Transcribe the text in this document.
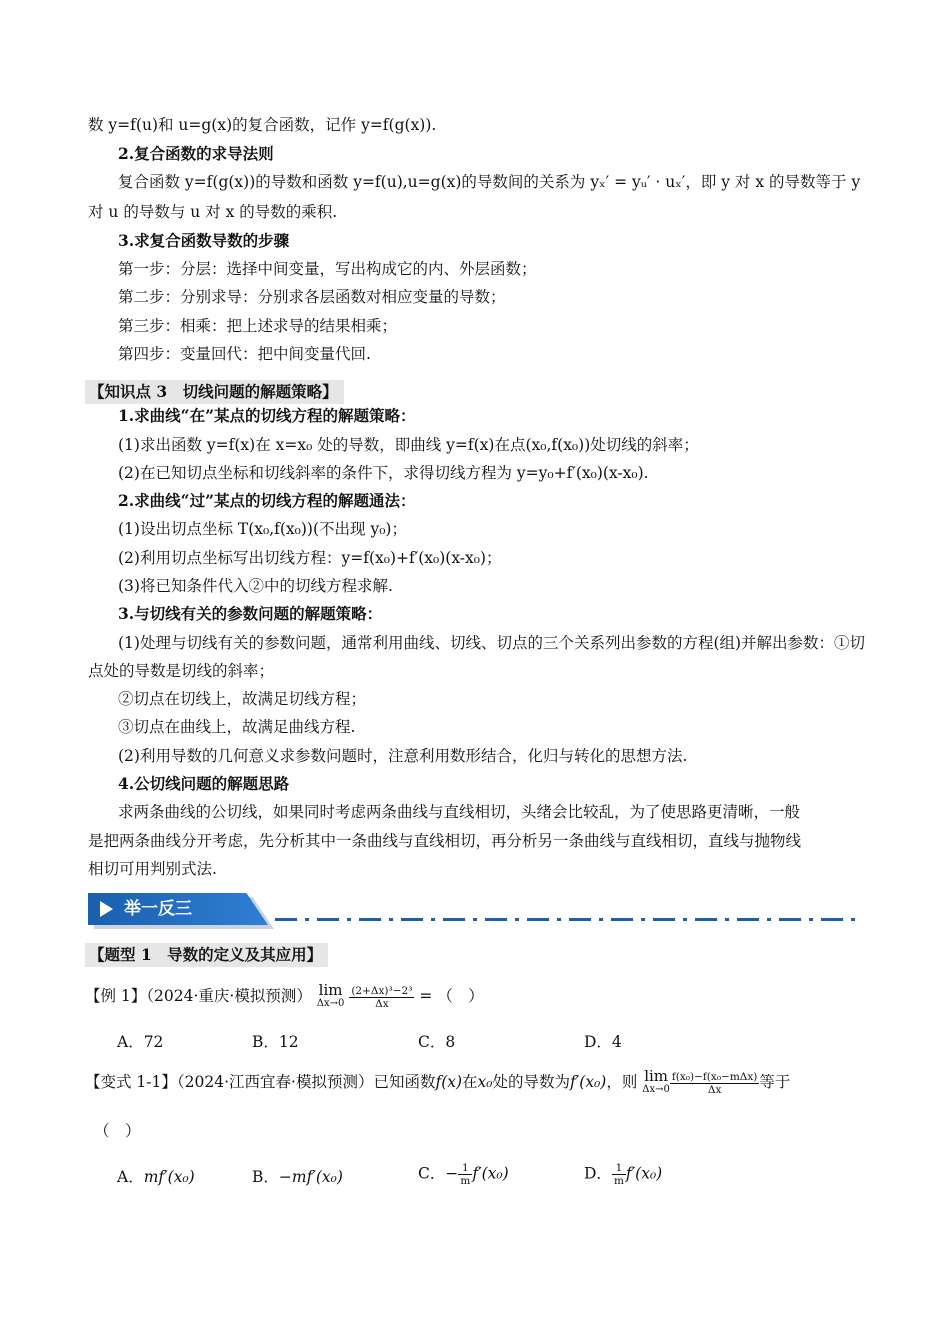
数 y=f(u)和 u=g(x)的复合函数，记作 y=f(g(x)).
2.复合函数的求导法则
复合函数 y=f(g(x))的导数和函数 y=f(u),u=g(x)的导数间的关系为 yₓ′ = yᵤ′ · uₓ′，即 y 对 x 的导数等于 y
对 u 的导数与 u 对 x 的导数的乘积.
3.求复合函数导数的步骤
第一步：分层：选择中间变量，写出构成它的内、外层函数；
第二步：分别求导：分别求各层函数对相应变量的导数；
第三步：相乘：把上述求导的结果相乘；
第四步：变量回代：把中间变量代回.
【知识点 3　切线问题的解题策略】
1.求曲线“在”某点的切线方程的解题策略：
(1)求出函数 y=f(x)在 x=x₀ 处的导数，即曲线 y=f(x)在点(x₀,f(x₀))处切线的斜率；
(2)在已知切点坐标和切线斜率的条件下，求得切线方程为 y=y₀+f′(x₀)(x-x₀).
2.求曲线“过”某点的切线方程的解题通法：
(1)设出切点坐标 T(x₀,f(x₀))(不出现 y₀)；
(2)利用切点坐标写出切线方程：y=f(x₀)+f′(x₀)(x-x₀)；
(3)将已知条件代入②中的切线方程求解.
3.与切线有关的参数问题的解题策略：
(1)处理与切线有关的参数问题，通常利用曲线、切线、切点的三个关系列出参数的方程(组)并解出参数：①切
点处的导数是切线的斜率；
②切点在切线上，故满足切线方程；
③切点在曲线上，故满足曲线方程.
(2)利用导数的几何意义求参数问题时，注意利用数形结合，化归与转化的思想方法.
4.公切线问题的解题思路
求两条曲线的公切线，如果同时考虑两条曲线与直线相切，头绪会比较乱，为了使思路更清晰，一般
是把两条曲线分开考虑，先分析其中一条曲线与直线相切，再分析另一条曲线与直线相切，直线与抛物线
相切可用判别式法.
举一反三
【题型 1　导数的定义及其应用】
【例 1】（2024·重庆·模拟预测） lim
Δx→0
$\frac{\text{(2+Δx)³−2³}}{\Delta x}$ = （　）
A．72	B．12	C．8	D．4
【变式 1-1】（2024·江西宜春·模拟预测）已知函数f(x)在x₀处的导数为f′(x₀)，则 lim
$\Delta x\to 0 \frac{\text{f(x₀)−f(x₀−mΔx)}}{\Delta x}$ 等于
（　）
A．mf′(x₀)	B．−mf′(x₀)	C．− $\frac{1}{m} f'(x_0)$	D． $\frac{1}{m} f'(x_0)$
